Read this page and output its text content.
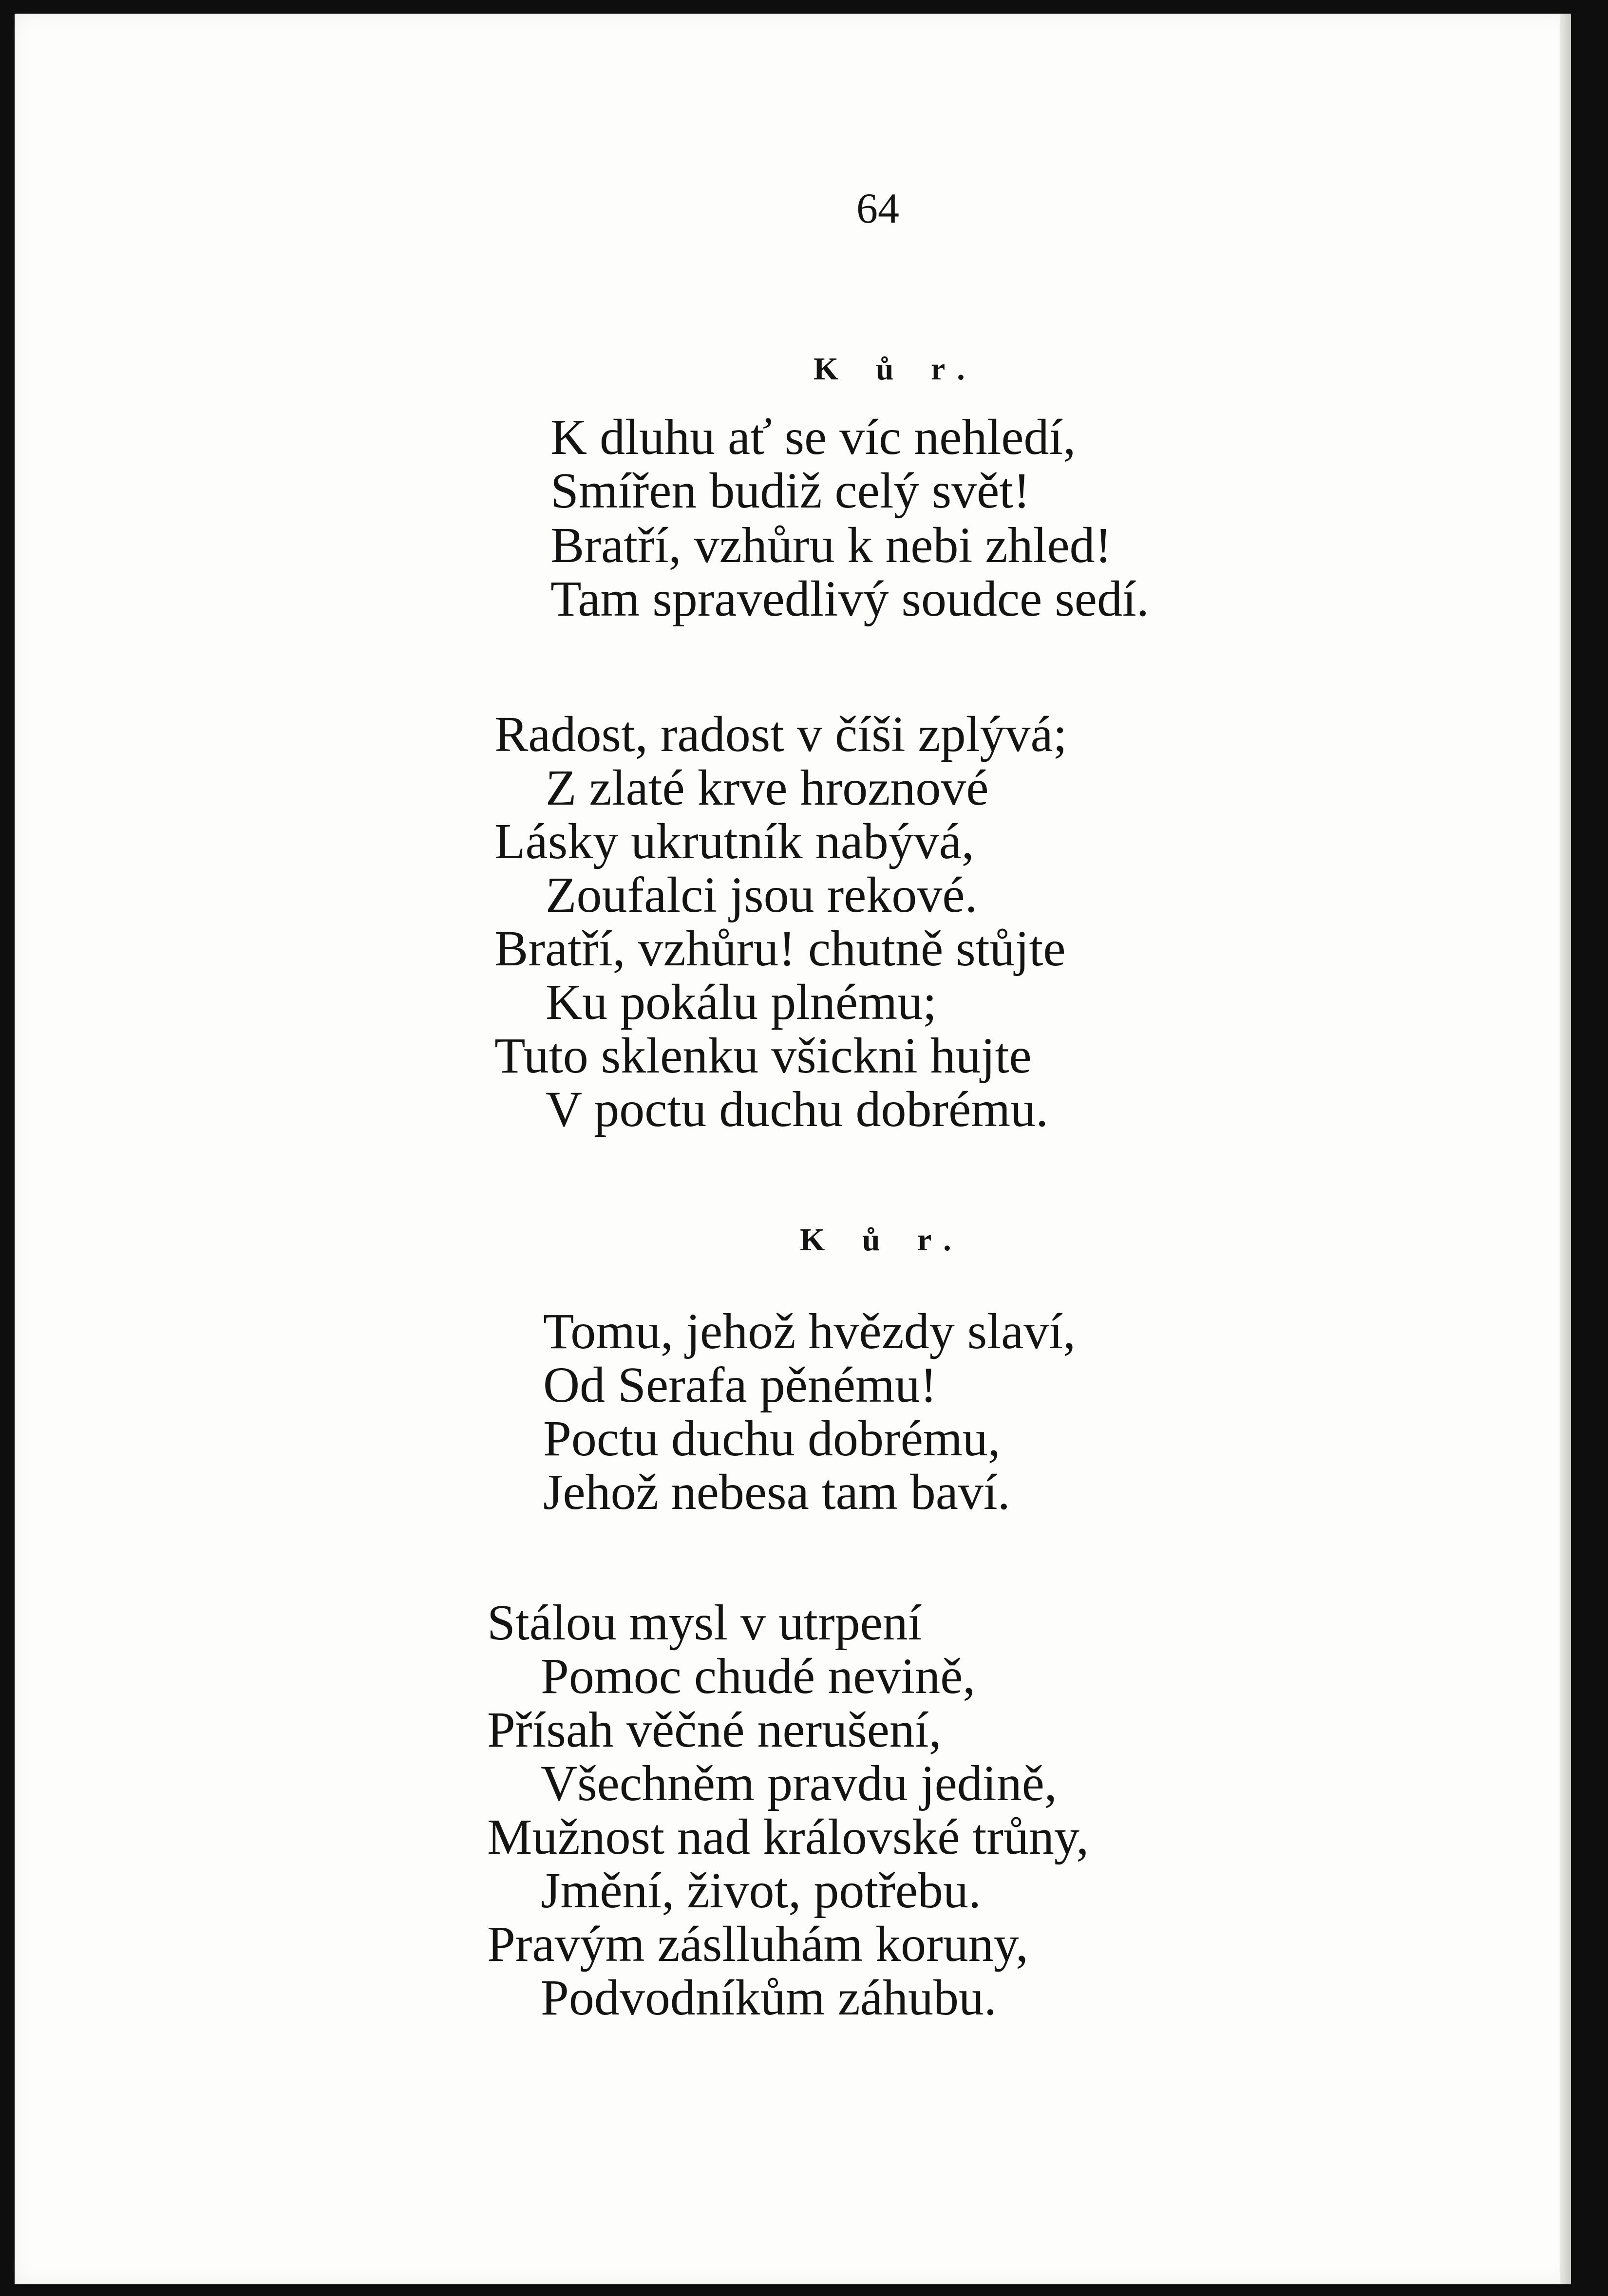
64
K ů r.
K dluhu ať se víc nehledí,
Smířen budiž celý svět!
Bratří, vzhůru k nebi zhled!
Tam spravedlivý soudce sedí.
Radost, radost v číši zplývá;
Z zlaté krve hroznové
Lásky ukrutník nabývá,
Zoufalci jsou rekové.
Bratří, vzhůru! chutně stůjte
Ku pokálu plnému;
Tuto sklenku všickni hujte
V poctu duchu dobrému.
K ů r.
Tomu, jehož hvězdy slaví,
Od Serafa pěnému!
Poctu duchu dobrému,
Jehož nebesa tam baví.
Stálou mysl v utrpení
Pomoc chudé nevině,
Přísah věčné nerušení,
Všechněm pravdu jedině,
Mužnost nad královské trůny,
Jmění, život, potřebu.
Pravým záslluhám koruny,
Podvodníkům záhubu.
